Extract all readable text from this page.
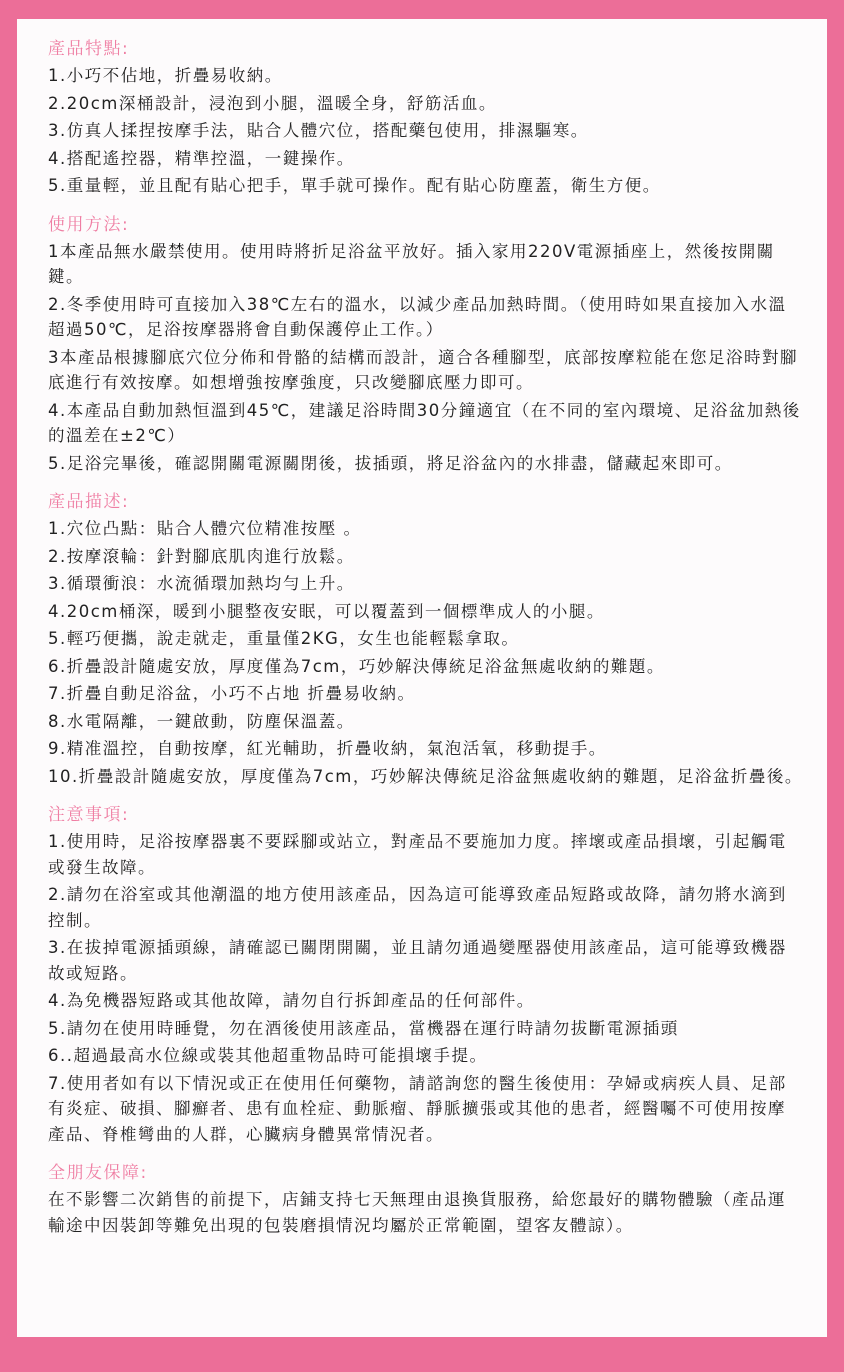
產品特點:
1.小巧不佔地，折疊易收納。
2.20cm深桶設計，浸泡到小腿，溫暖全身，舒筋活血。
3.仿真人揉捏按摩手法，貼合人體穴位，搭配藥包使用，排濕驅寒。
4.搭配遙控器，精準控溫，一鍵操作。
5.重量輕，並且配有貼心把手，單手就可操作。配有貼心防塵蓋，衛生方便。
使用方法:
1本產品無水嚴禁使用。使用時將折足浴盆平放好。插入家用220V電源插座上，然後按開關鍵。
2.冬季使用時可直接加入38℃左右的溫水，以減少產品加熱時間。（使用時如果直接加入水溫超過50℃，足浴按摩器將會自動保護停止工作。）
3本產品根據腳底穴位分佈和骨骼的結構而設計，適合各種腳型，底部按摩粒能在您足浴時對腳底進行有效按摩。如想增強按摩強度，只改變腳底壓力即可。
4.本產品自動加熱恒溫到45℃，建議足浴時間30分鐘適宜（在不同的室內環境、足浴盆加熱後的溫差在±2℃）
5.足浴完畢後，確認開關電源關閉後，拔插頭，將足浴盆內的水排盡，儲藏起來即可。
產品描述:
1.穴位凸點：貼合人體穴位精准按壓 。
2.按摩滾輪：針對腳底肌肉進行放鬆。
3.循環衝浪：水流循環加熱均勻上升。
4.20cm桶深，暖到小腿整夜安眠，可以覆蓋到一個標準成人的小腿。
5.輕巧便攜，說走就走，重量僅2KG，女生也能輕鬆拿取。
6.折疊設計隨處安放，厚度僅為7cm，巧妙解決傳統足浴盆無處收納的難題。
7.折疊自動足浴盆，小巧不占地 折疊易收納。
8.水電隔離，一鍵啟動，防塵保溫蓋。
9.精准溫控，自動按摩，紅光輔助，折疊收納，氣泡活氧，移動提手。
10.折疊設計隨處安放，厚度僅為7cm，巧妙解決傳統足浴盆無處收納的難題，足浴盆折疊後。
注意事項:
1.使用時，足浴按摩器裏不要踩腳或站立，對產品不要施加力度。摔壞或產品損壞，引起觸電或發生故障。
2.請勿在浴室或其他潮溫的地方使用該產品，因為這可能導致產品短路或故降，請勿將水滴到控制。
3.在拔掉電源插頭線，請確認已關閉開關，並且請勿通過變壓器使用該產品，這可能導致機器故或短路。
4.為免機器短路或其他故障，請勿自行拆卸產品的任何部件。
5.請勿在使用時睡覺，勿在酒後使用該產品，當機器在運行時請勿拔斷電源插頭
6..超過最高水位線或裝其他超重物品時可能損壞手提。
7.使用者如有以下情況或正在使用任何藥物，請諮詢您的醫生後使用：孕婦或病疾人員、足部有炎症、破損、腳癬者、患有血栓症、動脈瘤、靜脈擴張或其他的患者，經醫囑不可使用按摩產品、脊椎彎曲的人群，心臟病身體異常情況者。
全朋友保障:
在不影響二次銷售的前提下，店鋪支持七天無理由退換貨服務，給您最好的購物體驗（產品運輸途中因裝卸等難免出現的包裝磨損情況均屬於正常範圍，望客友體諒）。
